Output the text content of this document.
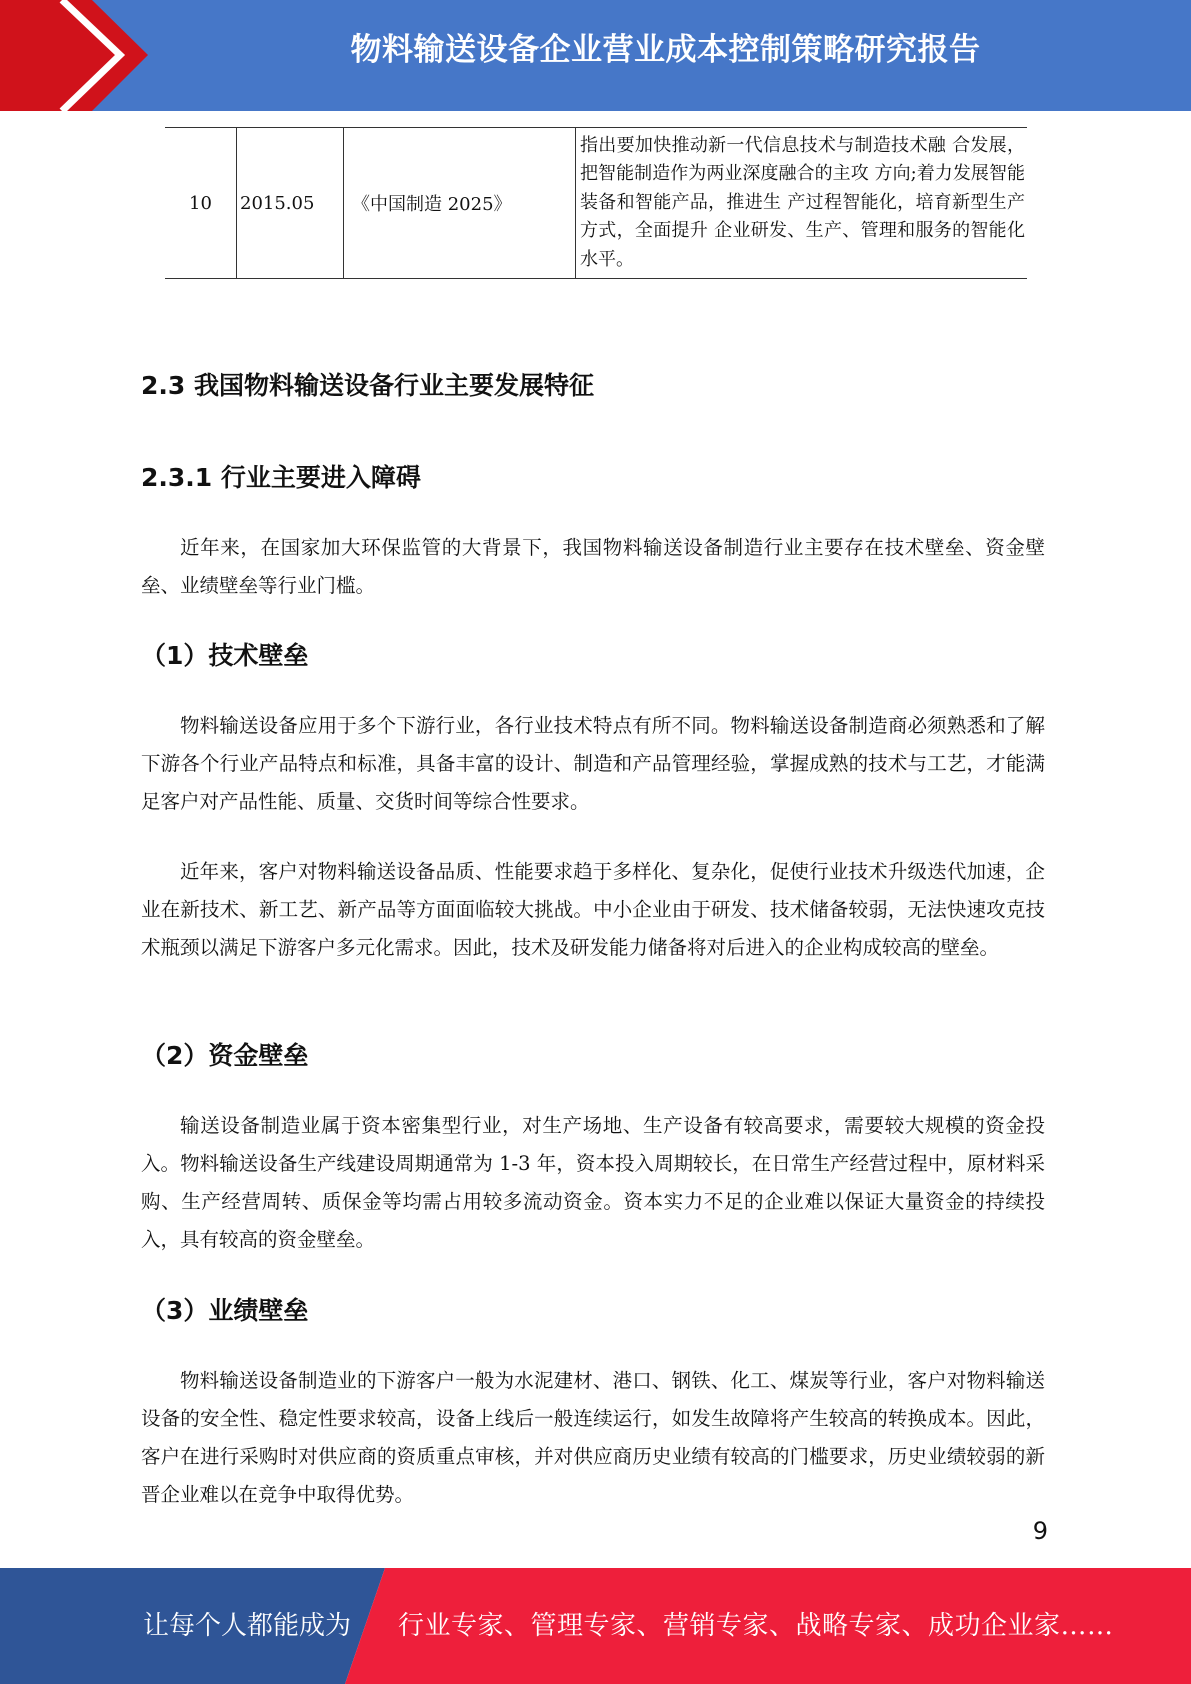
物料输送设备企业营业成本控制策略研究报告
10	2015.05	《中国制造 2025》	指出要加快推动新一代信息技术与制造技术融 合发展，把智能制造作为两业深度融合的主攻 方向;着力发展智能装备和智能产品，推进生 产过程智能化，培育新型生产方式，全面提升 企业研发、生产、管理和服务的智能化水平。
2.3 我国物料输送设备行业主要发展特征
2.3.1 行业主要进入障碍

近年来，在国家加大环保监管的大背景下，我国物料输送设备制造行业主要存在技术壁垒、资金壁垒、业绩壁垒等行业门槛。

（1）技术壁垒

物料输送设备应用于多个下游行业，各行业技术特点有所不同。物料输送设备制造商必须熟悉和了解下游各个行业产品特点和标准，具备丰富的设计、制造和产品管理经验，掌握成熟的技术与工艺，才能满足客户对产品性能、质量、交货时间等综合性要求。

近年来，客户对物料输送设备品质、性能要求趋于多样化、复杂化，促使行业技术升级迭代加速，企业在新技术、新工艺、新产品等方面面临较大挑战。中小企业由于研发、技术储备较弱，无法快速攻克技术瓶颈以满足下游客户多元化需求。因此，技术及研发能力储备将对后进入的企业构成较高的壁垒。

（2）资金壁垒

输送设备制造业属于资本密集型行业，对生产场地、生产设备有较高要求，需要较大规模的资金投入。物料输送设备生产线建设周期通常为 1-3 年，资本投入周期较长，在日常生产经营过程中，原材料采购、生产经营周转、质保金等均需占用较多流动资金。资本实力不足的企业难以保证大量资金的持续投入，具有较高的资金壁垒。

（3）业绩壁垒

物料输送设备制造业的下游客户一般为水泥建材、港口、钢铁、化工、煤炭等行业，客户对物料输送设备的安全性、稳定性要求较高，设备上线后一般连续运行，如发生故障将产生较高的转换成本。因此，客户在进行采购时对供应商的资质重点审核，并对供应商历史业绩有较高的门槛要求，历史业绩较弱的新晋企业难以在竞争中取得优势。

9
让每个人都能成为 行业专家、管理专家、营销专家、战略专家、成功企业家……
